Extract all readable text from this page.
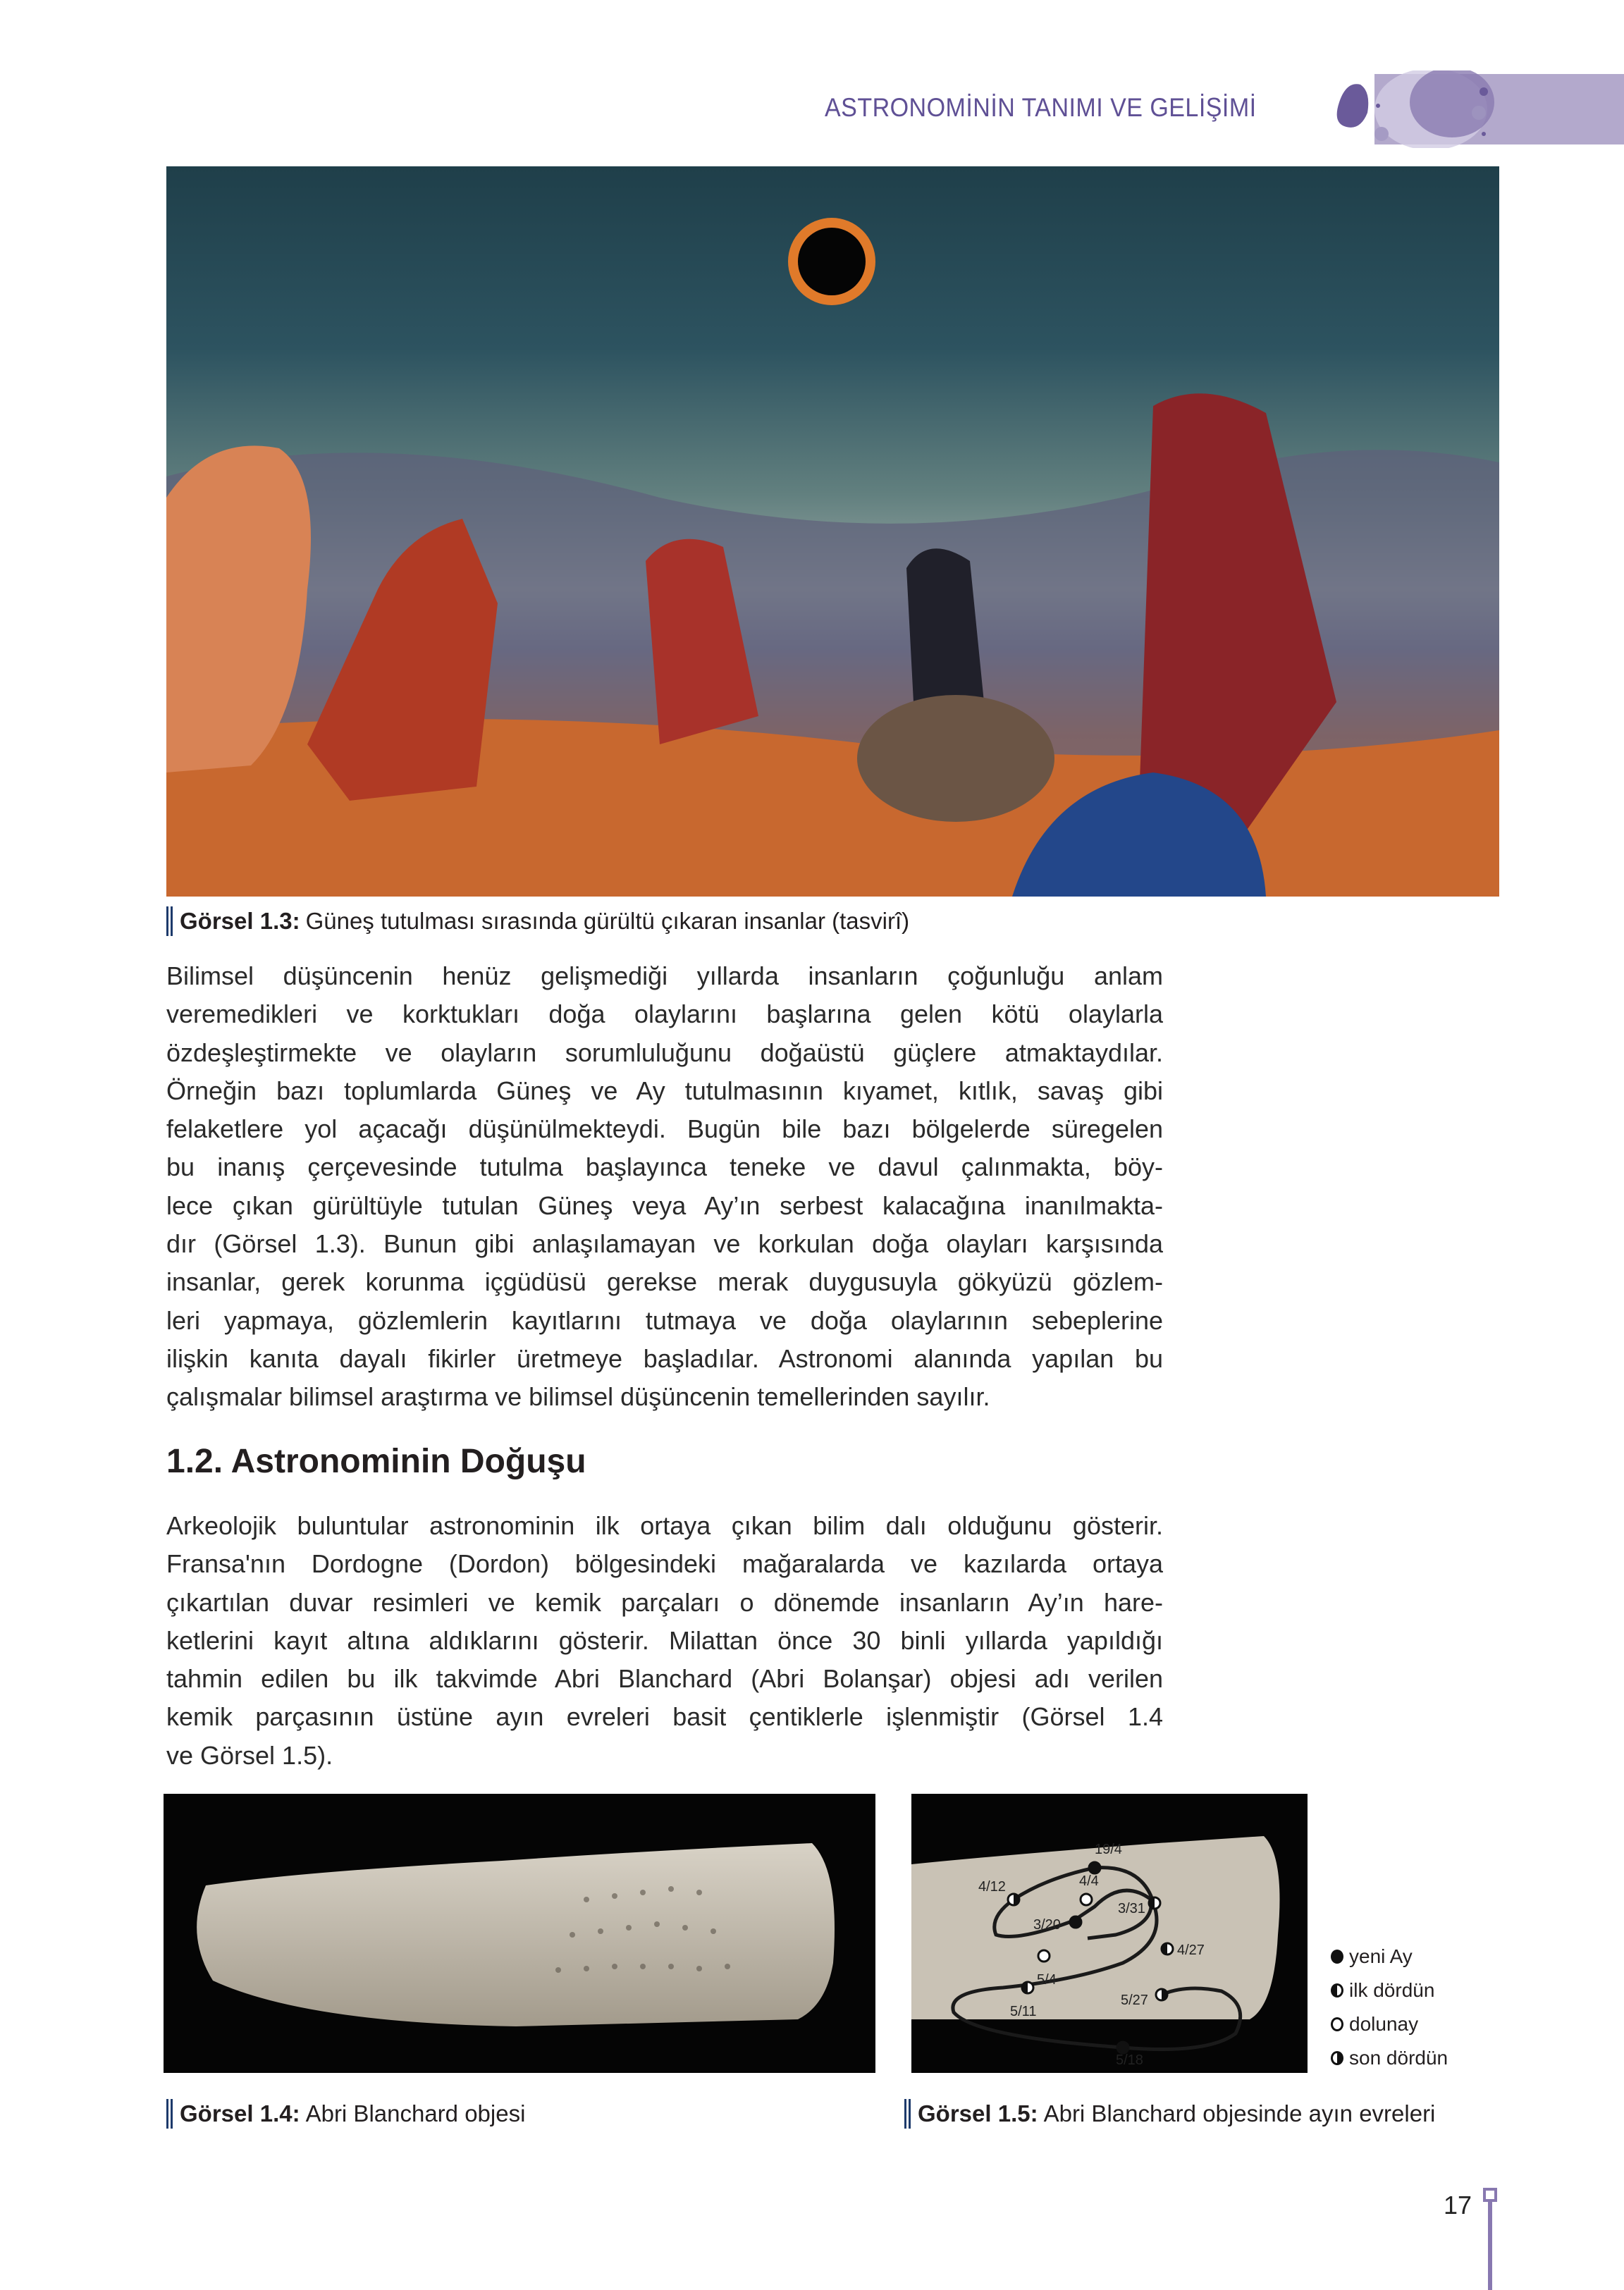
ASTRONOMİNİN TANIMI VE GELİŞİMİ
Görsel 1.3: Güneş tutulması sırasında gürültü çıkaran insanlar (tasvirî)
Bilimsel düşüncenin henüz gelişmediği yıllarda insanların çoğunluğu anlam
veremedikleri ve korktukları doğa olaylarını başlarına gelen kötü olaylarla
özdeşleştirmekte ve olayların sorumluluğunu doğaüstü güçlere atmaktaydılar.
Örneğin bazı toplumlarda Güneş ve Ay tutulmasının kıyamet, kıtlık, savaş gibi
felaketlere yol açacağı düşünülmekteydi. Bugün bile bazı bölgelerde süregelen
bu inanış çerçevesinde tutulma başlayınca teneke ve davul çalınmakta, böy-
lece çıkan gürültüyle tutulan Güneş veya Ay’ın serbest kalacağına inanılmakta-
dır (Görsel 1.3). Bunun gibi anlaşılamayan ve korkulan doğa olayları karşısında
insanlar, gerek korunma içgüdüsü gerekse merak duygusuyla gökyüzü gözlem-
leri yapmaya, gözlemlerin kayıtlarını tutmaya ve doğa olaylarının sebeplerine
ilişkin kanıta dayalı fikirler üretmeye başladılar. Astronomi alanında yapılan bu
çalışmalar bilimsel araştırma ve bilimsel düşüncenin temellerinden sayılır.
1.2. Astronominin Doğuşu
Arkeolojik buluntular astronominin ilk ortaya çıkan bilim dalı olduğunu gösterir.
Fransa'nın Dordogne (Dordon) bölgesindeki mağaralarda ve kazılarda ortaya
çıkartılan duvar resimleri ve kemik parçaları o dönemde insanların Ay’ın hare-
ketlerini kayıt altına aldıklarını gösterir. Milattan önce 30 binli yıllarda yapıldığı
tahmin edilen bu ilk takvimde Abri Blanchard (Abri Bolanşar) objesi adı verilen
kemik parçasının üstüne ayın evreleri basit çentiklerle işlenmiştir (Görsel 1.4
ve Görsel 1.5).
19/4
4/12	4/4
3/31
3/20
4/27
5/4
5/27
5/11
5/18
yeni Ay
ilk dördün
dolunay
son dördün
Görsel 1.4: Abri Blanchard objesi	Görsel 1.5: Abri Blanchard objesinde ayın evreleri
17
